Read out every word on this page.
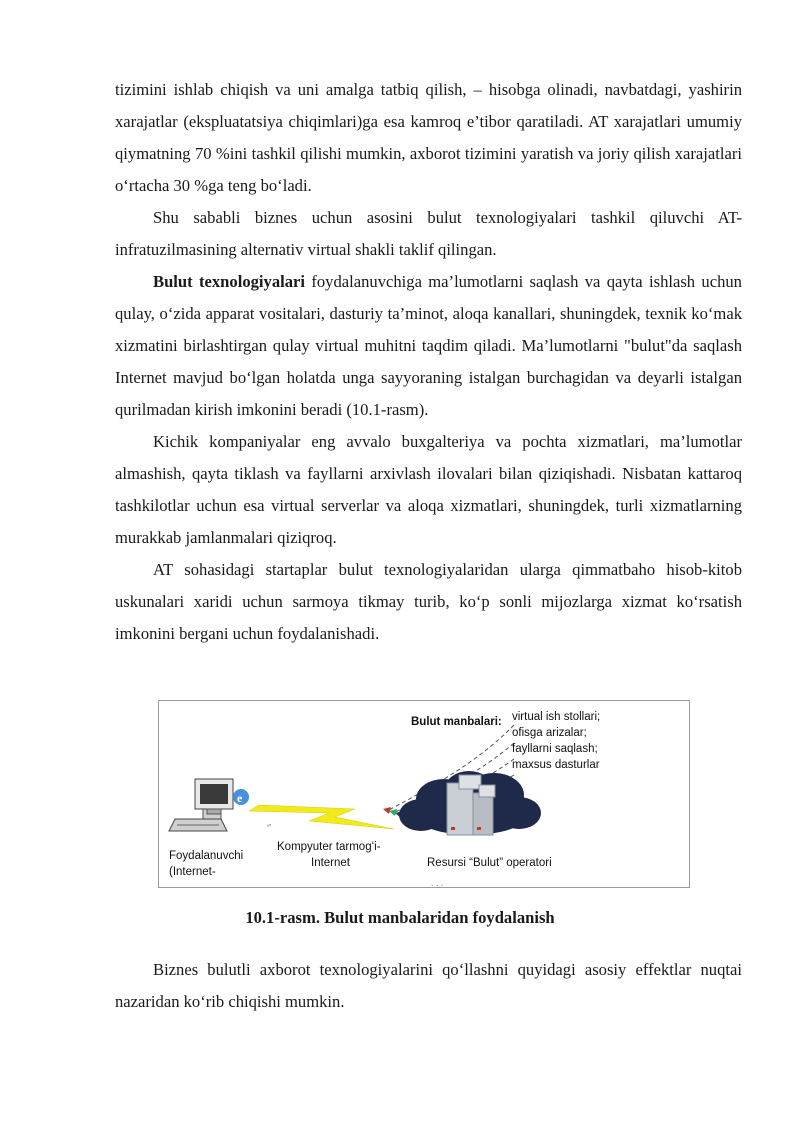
tizimini ishlab chiqish va uni amalga tatbiq qilish, – hisobga olinadi, navbatdagi, yashirin xarajatlar (ekspluatatsiya chiqimlari)ga esa kamroq e’tibor qaratiladi. AT xarajatlari umumiy qiymatning 70 %ini tashkil qilishi mumkin, axborot tizimini yaratish va joriy qilish xarajatlari oʻrtacha 30 %ga teng boʻladi.

Shu sababli biznes uchun asosini bulut texnologiyalari tashkil qiluvchi AT-infratuzilmasining alternativ virtual shakli taklif qilingan.

Bulut texnologiyalari foydalanuvchiga ma’lumotlarni saqlash va qayta ishlash uchun qulay, oʻzida apparat vositalari, dasturiy ta’minot, aloqa kanallari, shuningdek, texnik koʻmak xizmatini birlashtirgan qulay virtual muhitni taqdim qiladi. Ma’lumotlarni "bulut"da saqlash Internet mavjud boʻlgan holatda unga sayyoraning istalgan burchagidan va deyarli istalgan qurilmadan kirish imkonini beradi (10.1-rasm).

Kichik kompaniyalar eng avvalo buxgalteriya va pochta xizmatlari, ma’lumotlar almashish, qayta tiklash va fayllarni arxivlash ilovalari bilan qiziqishadi. Nisbatan kattaroq tashkilotlar uchun esa virtual serverlar va aloqa xizmatlari, shuningdek, turli xizmatlarning murakkab jamlanmalari qiziqroq.

AT sohasidagi startaplar bulut texnologiyalaridan ularga qimmatbaho hisob-kitob uskunalari xaridi uchun sarmoya tikmay turib, koʻp sonli mijozlarga xizmat koʻrsatish imkonini bergani uchun foydalanishadi.

e
ʻʼ
` ` ´
Bulut manbalari: virtual ish stollari;
ofisga arizalar;
fayllarni saqlash;
maxsus dasturlar
Foydalanuvchi
(Internet-
Kompyuter tarmogʻi-
Internet	Resursi “Bulut” operatori
10.1-rasm. Bulut manbalaridan foydalanish

Biznes bulutli axborot texnologiyalarini qoʻllashni quyidagi asosiy effektlar nuqtai nazaridan koʻrib chiqishi mumkin.
